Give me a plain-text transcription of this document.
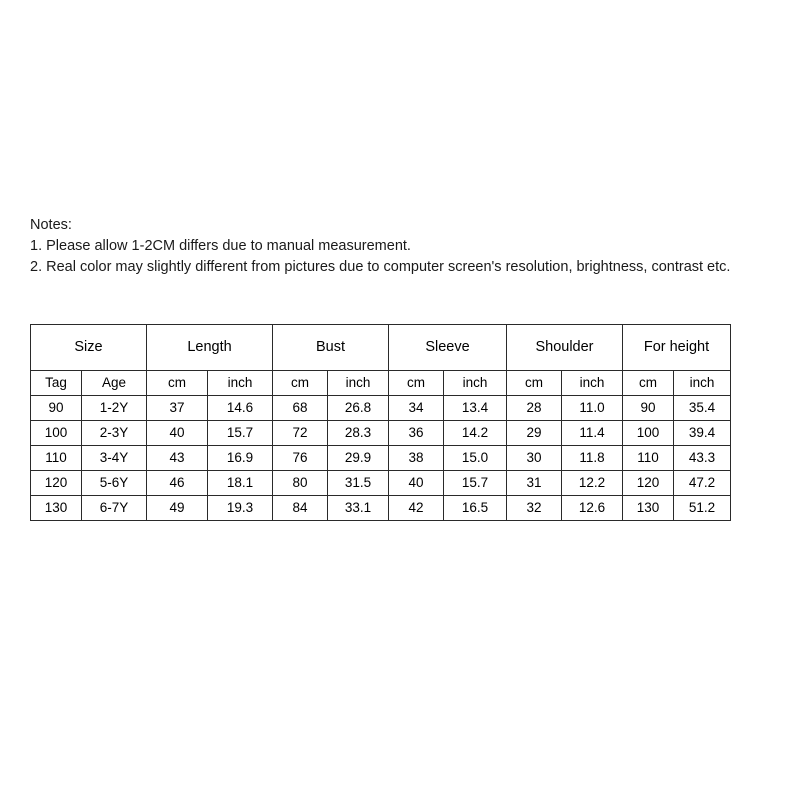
Notes:
1. Please allow 1-2CM differs due to manual measurement.
2. Real color may slightly different from pictures due to computer screen's resolution, brightness, contrast etc.
Size		Length		Bust		Sleeve		Shoulder		For height	
Tag	Age	cm	inch	cm	inch	cm	inch	cm	inch	cm	inch
90	1-2Y	37	14.6	68	26.8	34	13.4	28	11.0	90	35.4
100	2-3Y	40	15.7	72	28.3	36	14.2	29	11.4	100	39.4
110	3-4Y	43	16.9	76	29.9	38	15.0	30	11.8	110	43.3
120	5-6Y	46	18.1	80	31.5	40	15.7	31	12.2	120	47.2
130	6-7Y	49	19.3	84	33.1	42	16.5	32	12.6	130	51.2
